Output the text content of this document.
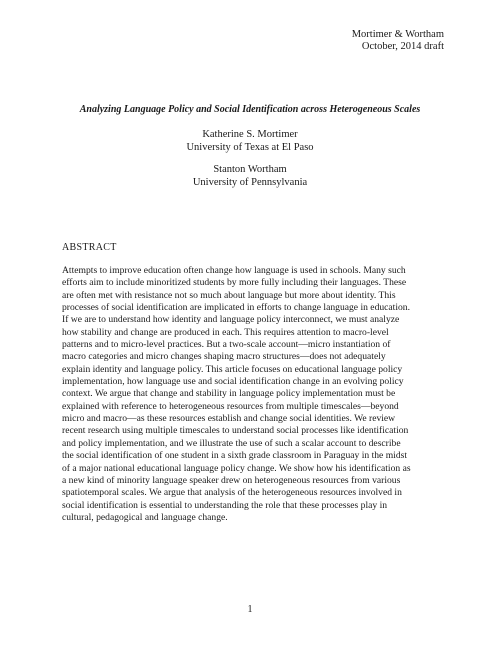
Mortimer & Wortham
October, 2014 draft
Analyzing Language Policy and Social Identification across Heterogeneous Scales
Katherine S. Mortimer
University of Texas at El Paso
Stanton Wortham
University of Pennsylvania
ABSTRACT
Attempts to improve education often change how language is used in schools. Many such
efforts aim to include minoritized students by more fully including their languages. These
are often met with resistance not so much about language but more about identity. This
processes of social identification are implicated in efforts to change language in education.
If we are to understand how identity and language policy interconnect, we must analyze
how stability and change are produced in each. This requires attention to macro-level
patterns and to micro-level practices. But a two-scale account—micro instantiation of
macro categories and micro changes shaping macro structures—does not adequately
explain identity and language policy. This article focuses on educational language policy
implementation, how language use and social identification change in an evolving policy
context. We argue that change and stability in language policy implementation must be
explained with reference to heterogeneous resources from multiple timescales—beyond
micro and macro—as these resources establish and change social identities. We review
recent research using multiple timescales to understand social processes like identification
and policy implementation, and we illustrate the use of such a scalar account to describe
the social identification of one student in a sixth grade classroom in Paraguay in the midst
of a major national educational language policy change. We show how his identification as
a new kind of minority language speaker drew on heterogeneous resources from various
spatiotemporal scales. We argue that analysis of the heterogeneous resources involved in
social identification is essential to understanding the role that these processes play in
cultural, pedagogical and language change.
1
